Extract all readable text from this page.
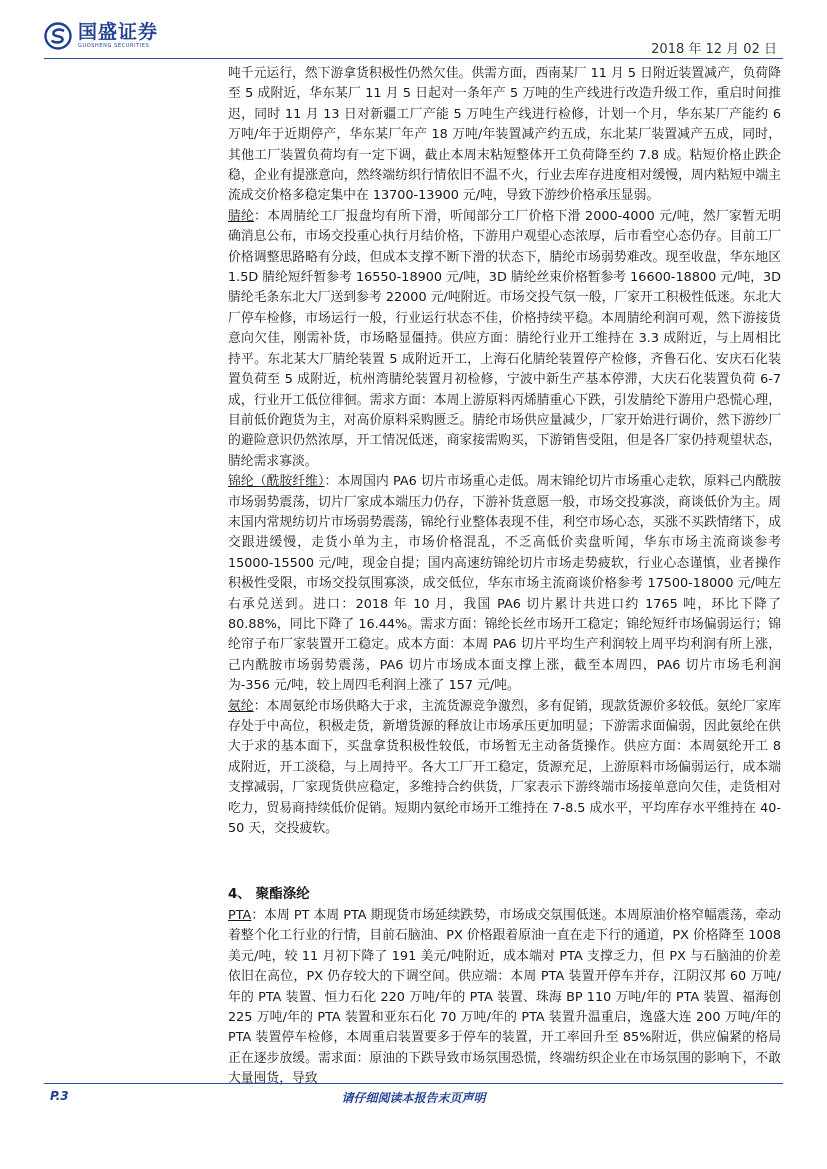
国盛证券
GUOSHENG SECURITIES	2018 年 12 月 02 日

吨千元运行，然下游拿货积极性仍然欠佳。供需方面，西南某厂 11 月 5 日附近装置减产，负荷降至 5 成附近，华东某厂 11 月 5 日起对一条年产 5 万吨的生产线进行改造升级工作，重启时间推迟，同时 11 月 13 日对新疆工厂产能 5 万吨生产线进行检修，计划一个月，华东某厂产能约 6 万吨/年于近期停产，华东某厂年产 18 万吨/年装置减产约五成，东北某厂装置减产五成，同时，其他工厂装置负荷均有一定下调，截止本周末粘短整体开工负荷降至约 7.8 成。粘短价格止跌企稳，企业有提涨意向，然终端纺织行情依旧不温不火，行业去库存进度相对缓慢，周内粘短中端主流成交价格多稳定集中在 13700-13900 元/吨，导致下游纱价格承压显弱。

腈纶：本周腈纶工厂报盘均有所下滑，听闻部分工厂价格下滑 2000-4000 元/吨，然厂家暂无明确消息公布，市场交投重心执行月结价格，下游用户观望心态浓厚，后市看空心态仍存。目前工厂价格调整思路略有分歧，但成本支撑不断下滑的状态下，腈纶市场弱势难改。现至收盘，华东地区 1.5D 腈纶短纤暂参考 16550-18900 元/吨，3D 腈纶丝束价格暂参考 16600-18800 元/吨，3D 腈纶毛条东北大厂送到参考 22000 元/吨附近。市场交投气氛一般，厂家开工积极性低迷。东北大厂停车检修，市场运行一般，行业运行状态不佳，价格持续平稳。本周腈纶利润可观，然下游接货意向欠佳，刚需补货，市场略显僵持。供应方面：腈纶行业开工维持在 3.3 成附近，与上周相比持平。东北某大厂腈纶装置 5 成附近开工，上海石化腈纶装置停产检修，齐鲁石化、安庆石化装置负荷至 5 成附近，杭州湾腈纶装置月初检修，宁波中新生产基本停滞，大庆石化装置负荷 6-7 成，行业开工低位徘徊。需求方面：本周上游原料丙烯腈重心下跌，引发腈纶下游用户恐慌心理，目前低价跑货为主，对高价原料采购匮乏。腈纶市场供应量减少，厂家开始进行调价，然下游纱厂的避险意识仍然浓厚，开工情况低迷，商家接需购买，下游销售受阻，但是各厂家仍持观望状态，腈纶需求寡淡。

锦纶（酰胺纤维）：本周国内 PA6 切片市场重心走低。周末锦纶切片市场重心走软，原料己内酰胺市场弱势震荡，切片厂家成本端压力仍存，下游补货意愿一般，市场交投寡淡，商谈低价为主。周末国内常规纺切片市场弱势震荡，锦纶行业整体表现不佳，利空市场心态，买涨不买跌情绪下，成交跟进缓慢，走货小单为主，市场价格混乱，不乏高低价卖盘听闻，华东市场主流商谈参考 15000-15500 元/吨，现金自提；国内高速纺锦纶切片市场走势疲软，行业心态谨慎，业者操作积极性受限，市场交投氛围寡淡，成交低位，华东市场主流商谈价格参考 17500-18000 元/吨左右承兑送到。进口：2018 年 10 月，我国 PA6 切片累计共进口约 1765 吨，环比下降了 80.88%，同比下降了 16.44%。需求方面：锦纶长丝市场开工稳定；锦纶短纤市场偏弱运行；锦纶帘子布厂家装置开工稳定。成本方面：本周 PA6 切片平均生产利润较上周平均利润有所上涨，己内酰胺市场弱势震荡，PA6 切片市场成本面支撑上涨，截至本周四，PA6 切片市场毛利润为-356 元/吨，较上周四毛利润上涨了 157 元/吨。

氨纶：本周氨纶市场供略大于求，主流货源竞争激烈，多有促销，现款货源价多较低。氨纶厂家库存处于中高位，积极走货，新增货源的释放让市场承压更加明显；下游需求面偏弱，因此氨纶在供大于求的基本面下，买盘拿货积极性较低，市场暂无主动备货操作。供应方面：本周氨纶开工 8 成附近，开工淡稳，与上周持平。各大工厂开工稳定，货源充足，上游原料市场偏弱运行，成本端支撑减弱，厂家现货供应稳定，多维持合约供货，厂家表示下游终端市场接单意向欠佳，走货相对吃力，贸易商持续低价促销。短期内氨纶市场开工维持在 7-8.5 成水平，平均库存水平维持在 40-50 天，交投疲软。

4、 聚酯涤纶

PTA：本周 PT 本周 PTA 期现货市场延续跌势，市场成交氛围低迷。本周原油价格窄幅震荡，牵动着整个化工行业的行情，目前石脑油、PX 价格跟着原油一直在走下行的通道，PX 价格降至 1008 美元/吨，较 11 月初下降了 191 美元/吨附近，成本端对 PTA 支撑乏力，但 PX 与石脑油的价差依旧在高位，PX 仍存较大的下调空间。供应端：本周 PTA 装置开停车并存，江阴汉邦 60 万吨/年的 PTA 装置、恒力石化 220 万吨/年的 PTA 装置、珠海 BP 110 万吨/年的 PTA 装置、福海创 225 万吨/年的 PTA 装置和亚东石化 70 万吨/年的 PTA 装置升温重启，逸盛大连 200 万吨/年的 PTA 装置停车检修，本周重启装置要多于停车的装置，开工率回升至 85%附近，供应偏紧的格局正在逐步放缓。需求面：原油的下跌导致市场氛围恐慌，终端纺织企业在市场氛围的影响下，不敢大量囤货，导致

请仔细阅读本报告末页声明
P.3
